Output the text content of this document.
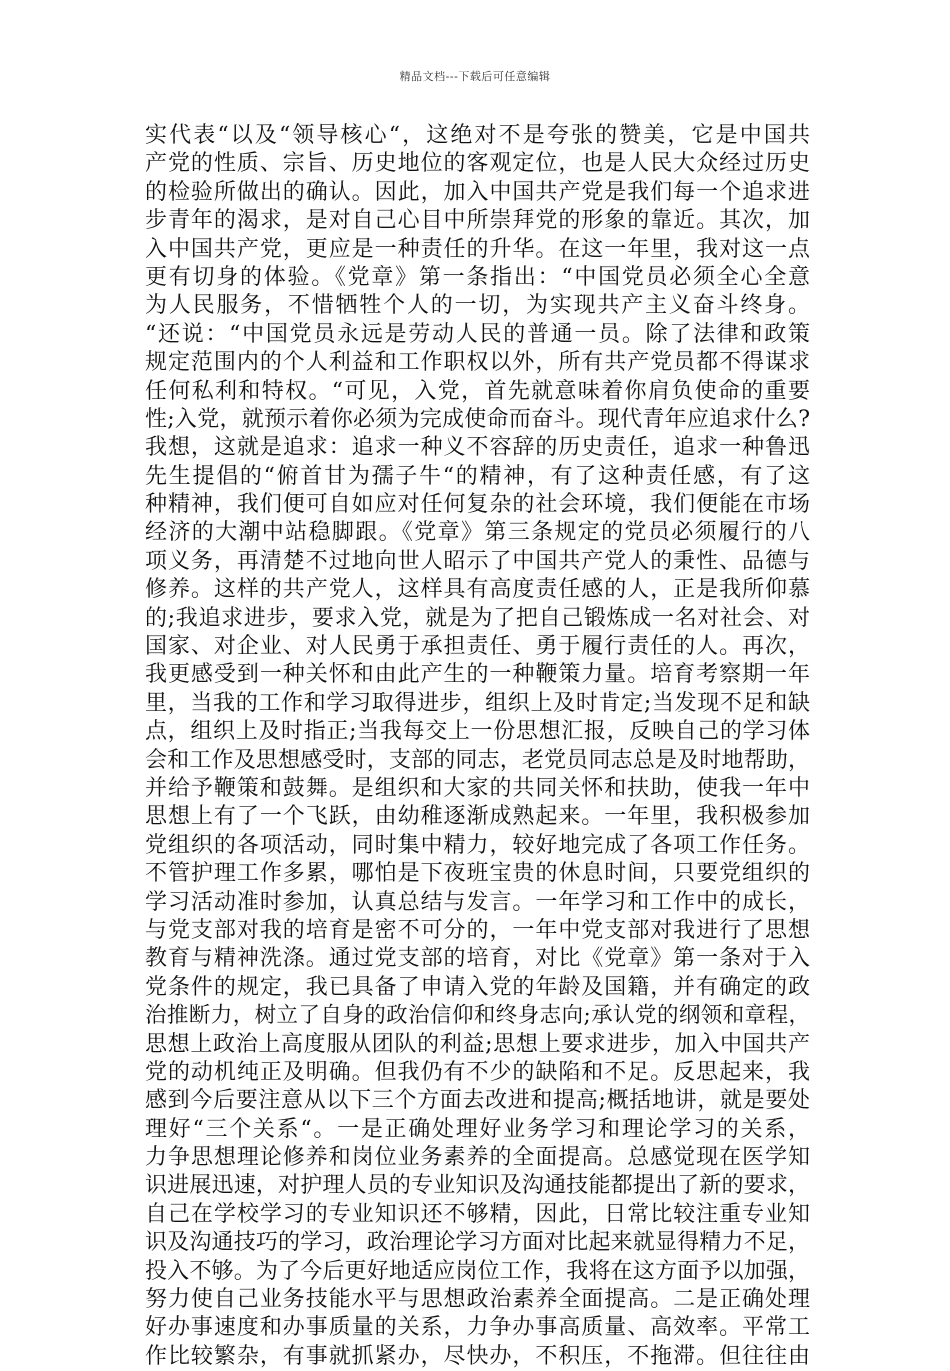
精品文档---下载后可任意编辑
实代表“以及“领导核心“，这绝对不是夸张的赞美，它是中国共
产党的性质、宗旨、历史地位的客观定位，也是人民大众经过历史
的检验所做出的确认。因此，加入中国共产党是我们每一个追求进
步青年的渴求，是对自己心目中所崇拜党的形象的靠近。其次，加
入中国共产党，更应是一种责任的升华。在这一年里，我对这一点
更有切身的体验。《党章》第一条指出：“中国党员必须全心全意
为人民服务，不惜牺牲个人的一切，为实现共产主义奋斗终身。
“还说：“中国党员永远是劳动人民的普通一员。除了法律和政策
规定范围内的个人利益和工作职权以外，所有共产党员都不得谋求
任何私利和特权。“可见，入党，首先就意味着你肩负使命的重要
性;入党，就预示着你必须为完成使命而奋斗。现代青年应追求什么?
我想，这就是追求：追求一种义不容辞的历史责任，追求一种鲁迅
先生提倡的“俯首甘为孺子牛“的精神，有了这种责任感，有了这
种精神，我们便可自如应对任何复杂的社会环境，我们便能在市场
经济的大潮中站稳脚跟。《党章》第三条规定的党员必须履行的八
项义务，再清楚不过地向世人昭示了中国共产党人的秉性、品德与
修养。这样的共产党人，这样具有高度责任感的人，正是我所仰慕
的;我追求进步，要求入党，就是为了把自己锻炼成一名对社会、对
国家、对企业、对人民勇于承担责任、勇于履行责任的人。再次，
我更感受到一种关怀和由此产生的一种鞭策力量。培育考察期一年
里，当我的工作和学习取得进步，组织上及时肯定;当发现不足和缺
点，组织上及时指正;当我每交上一份思想汇报，反映自己的学习体
会和工作及思想感受时，支部的同志，老党员同志总是及时地帮助，
并给予鞭策和鼓舞。是组织和大家的共同关怀和扶助，使我一年中
思想上有了一个飞跃，由幼稚逐渐成熟起来。一年里，我积极参加
党组织的各项活动，同时集中精力，较好地完成了各项工作任务。
不管护理工作多累，哪怕是下夜班宝贵的休息时间，只要党组织的
学习活动准时参加，认真总结与发言。一年学习和工作中的成长，
与党支部对我的培育是密不可分的，一年中党支部对我进行了思想
教育与精神洗涤。通过党支部的培育，对比《党章》第一条对于入
党条件的规定，我已具备了申请入党的年龄及国籍，并有确定的政
治推断力，树立了自身的政治信仰和终身志向;承认党的纲领和章程，
思想上政治上高度服从团队的利益;思想上要求进步，加入中国共产
党的动机纯正及明确。但我仍有不少的缺陷和不足。反思起来，我
感到今后要注意从以下三个方面去改进和提高;概括地讲，就是要处
理好“三个关系“。一是正确处理好业务学习和理论学习的关系，
力争思想理论修养和岗位业务素养的全面提高。总感觉现在医学知
识进展迅速，对护理人员的专业知识及沟通技能都提出了新的要求，
自己在学校学习的专业知识还不够精，因此，日常比较注重专业知
识及沟通技巧的学习，政治理论学习方面对比起来就显得精力不足，
投入不够。为了今后更好地适应岗位工作，我将在这方面予以加强，
努力使自己业务技能水平与思想政治素养全面提高。二是正确处理
好办事速度和办事质量的关系，力争办事高质量、高效率。平常工
作比较繁杂，有事就抓紧办，尽快办，不积压，不拖滞。但往往由
